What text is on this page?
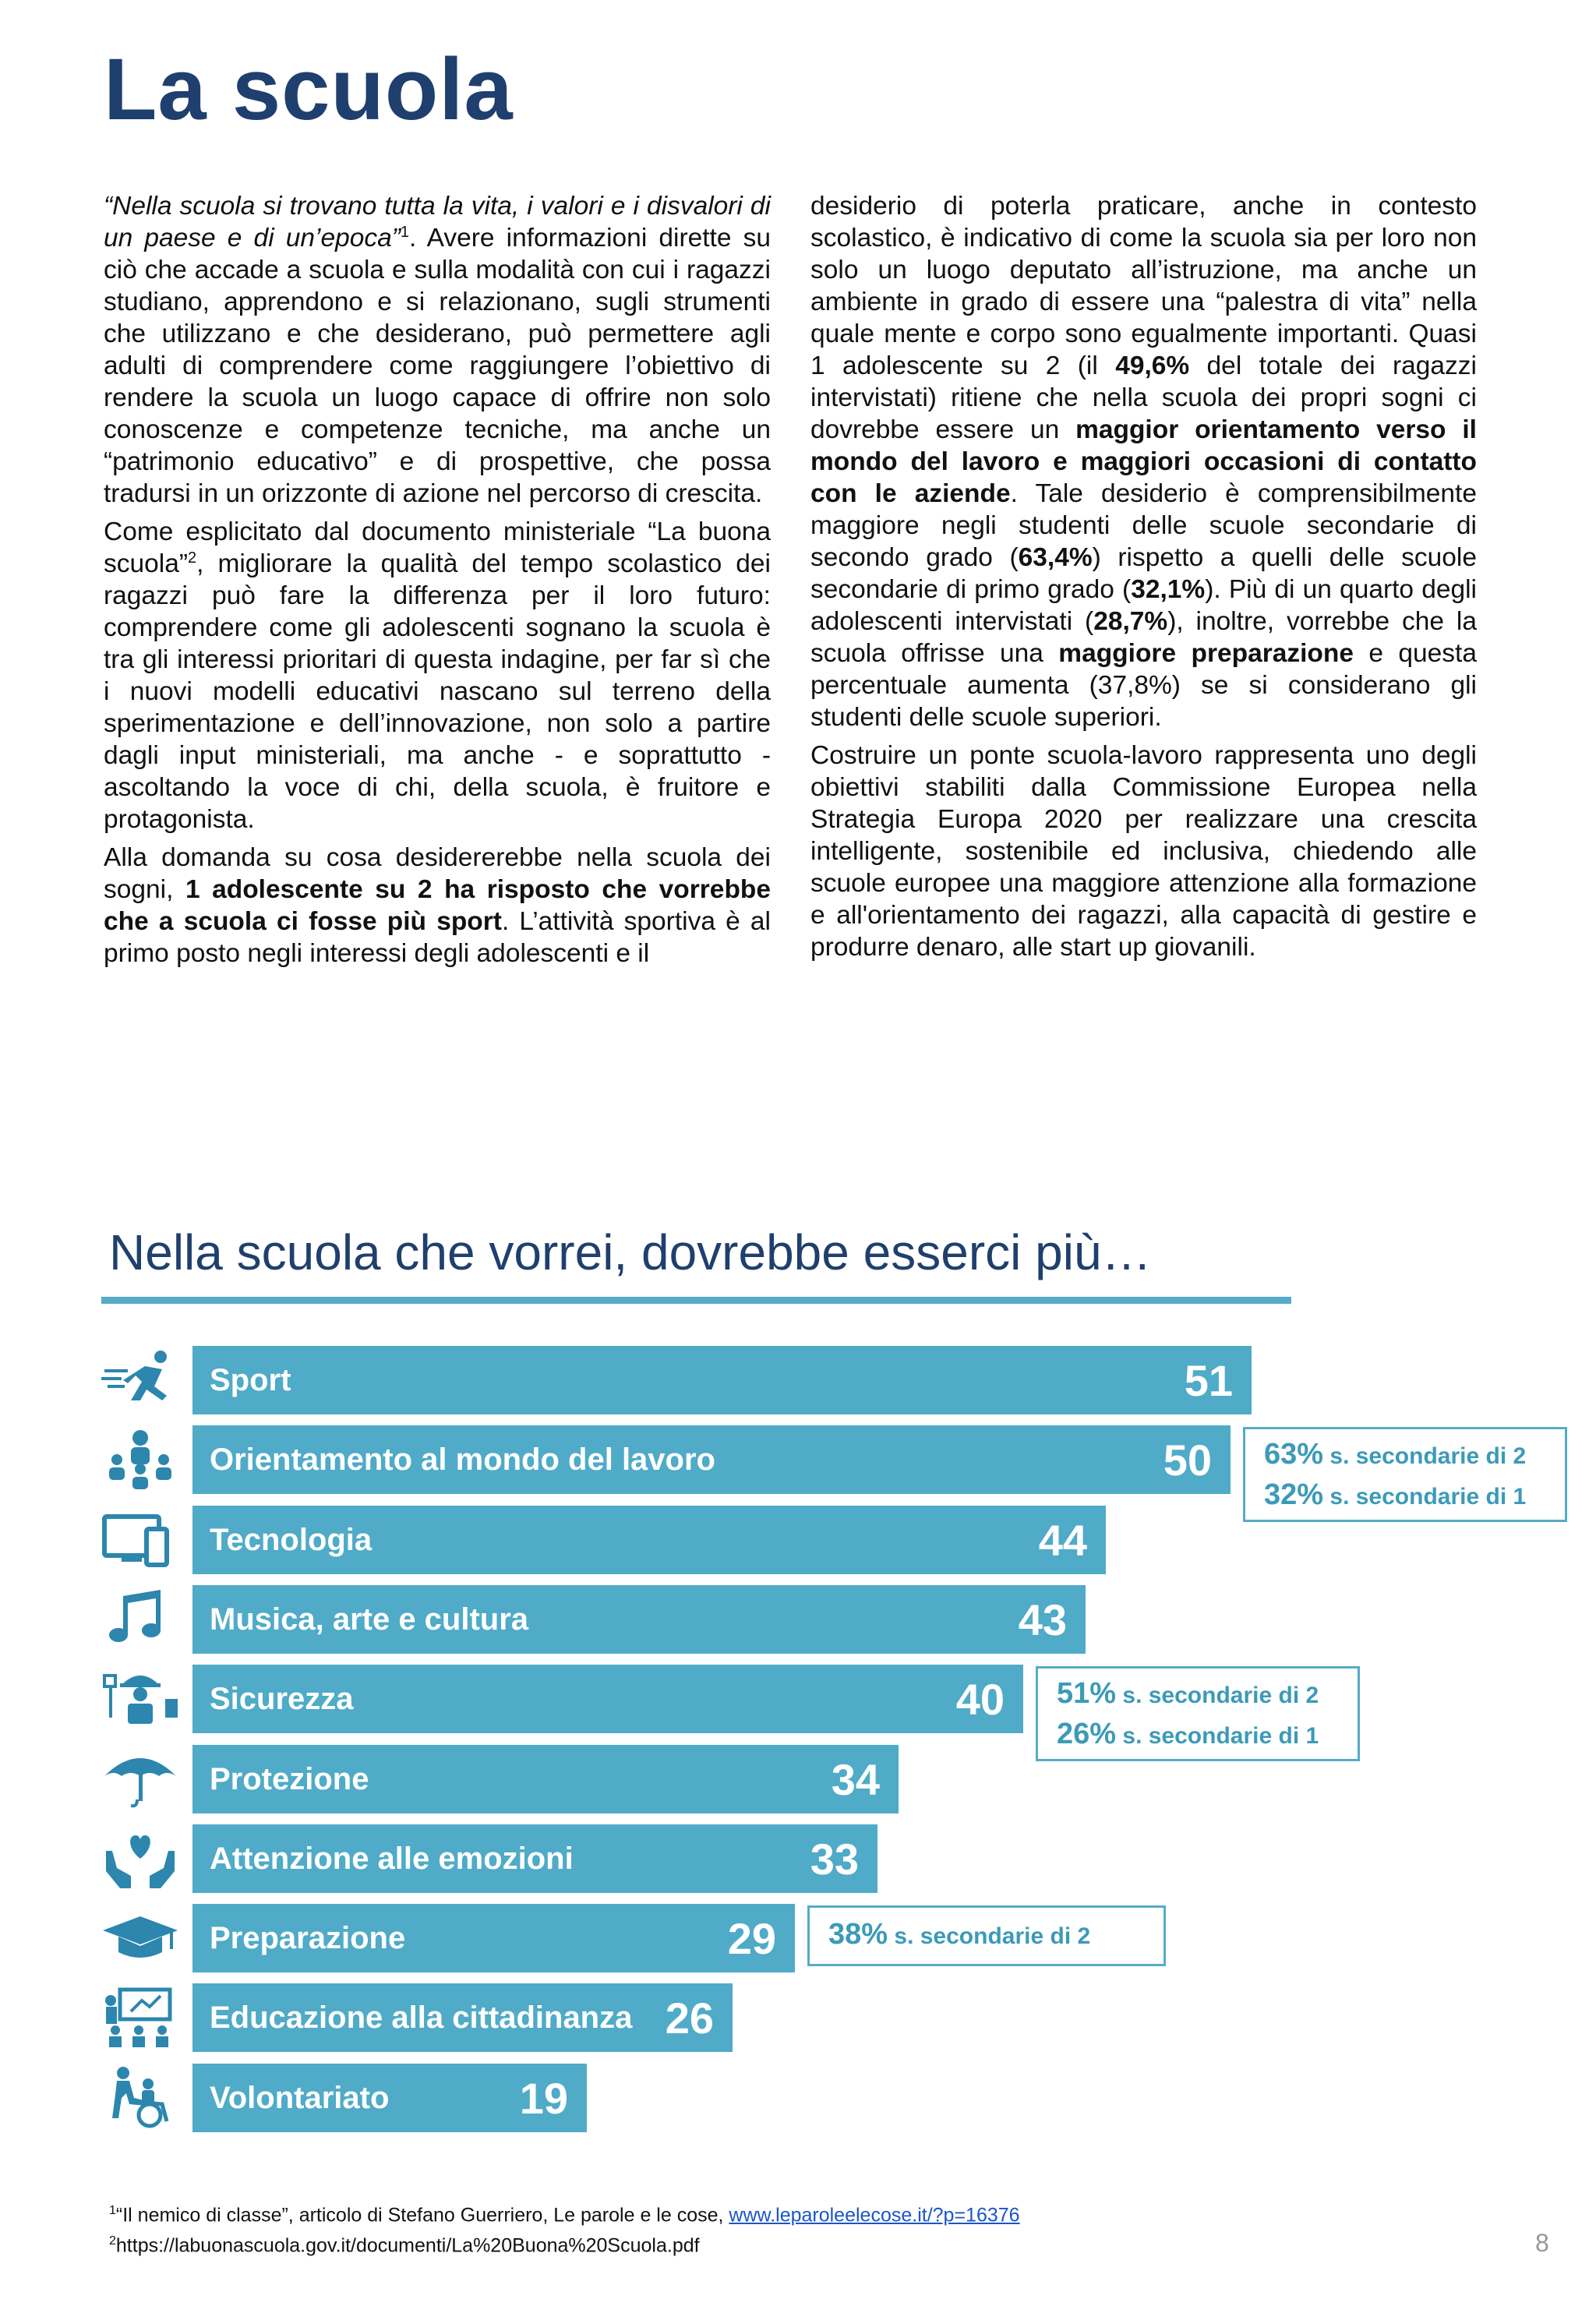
La scuola

“Nella scuola si trovano tutta la vita, i valori e i disvalori di un paese e di un’epoca”$^1$. Avere informazioni dirette su ciò che accade a scuola e sulla modalità con cui i ragazzi studiano, apprendono e si relazionano, sugli strumenti che utilizzano e che desiderano, può permettere agli adulti di comprendere come raggiungere l’obiettivo di rendere la scuola un luogo capace di offrire non solo conoscenze e competenze tecniche, ma anche un “patrimonio educativo” e di prospettive, che possa tradursi in un orizzonte di azione nel percorso di crescita.

Come esplicitato dal documento ministeriale “La buona scuola”$^2$, migliorare la qualità del tempo scolastico dei ragazzi può fare la differenza per il loro futuro: comprendere come gli adolescenti sognano la scuola è tra gli interessi prioritari di questa indagine, per far sì che i nuovi modelli educativi nascano sul terreno della sperimentazione e dell’innovazione, non solo a partire dagli input ministeriali, ma anche - e soprattutto - ascoltando la voce di chi, della scuola, è fruitore e protagonista.

Alla domanda su cosa desidererebbe nella scuola dei sogni, 1 adolescente su 2 ha risposto che vorrebbe che a scuola ci fosse più sport. L’attività sportiva è al primo posto negli interessi degli adolescenti e il

desiderio di poterla praticare, anche in contesto scolastico, è indicativo di come la scuola sia per loro non solo un luogo deputato all’istruzione, ma anche un ambiente in grado di essere una “palestra di vita” nella quale mente e corpo sono egualmente importanti. Quasi 1 adolescente su 2 (il 49,6% del totale dei ragazzi intervistati) ritiene che nella scuola dei propri sogni ci dovrebbe essere un maggior orientamento verso il mondo del lavoro e maggiori occasioni di contatto con le aziende. Tale desiderio è comprensibilmente maggiore negli studenti delle scuole secondarie di secondo grado (63,4%) rispetto a quelli delle scuole secondarie di primo grado (32,1%). Più di un quarto degli adolescenti intervistati (28,7%), inoltre, vorrebbe che la scuola offrisse una maggiore preparazione e questa percentuale aumenta (37,8%) se si considerano gli studenti delle scuole superiori.

Costruire un ponte scuola-lavoro rappresenta uno degli obiettivi stabiliti dalla Commissione Europea nella Strategia Europa 2020 per realizzare una crescita intelligente, sostenibile ed inclusiva, chiedendo alle scuole europee una maggiore attenzione alla formazione e all'orientamento dei ragazzi, alla capacità di gestire e produrre denaro, alle start up giovanili.

Nella scuola che vorrei, dovrebbe esserci più…
Sport	51
Orientamento al mondo del lavoro	50
Tecnologia	44
Musica, arte e cultura	43
Sicurezza	40
Protezione	34
Attenzione alle emozioni	33
Preparazione	29
Educazione alla cittadinanza 26
Volontariato	19
63% s. secondarie di 2
32% s. secondarie di 1
51% s. secondarie di 2
26% s. secondarie di 1
38% s. secondarie di 2
$^1$“Il nemico di classe”, articolo di Stefano Guerriero, Le parole e le cose, www.leparoleelecose.it/?p=16376
$^2$https://labuonascuola.gov.it/documenti/La%20Buona%20Scuola.pdf	8
